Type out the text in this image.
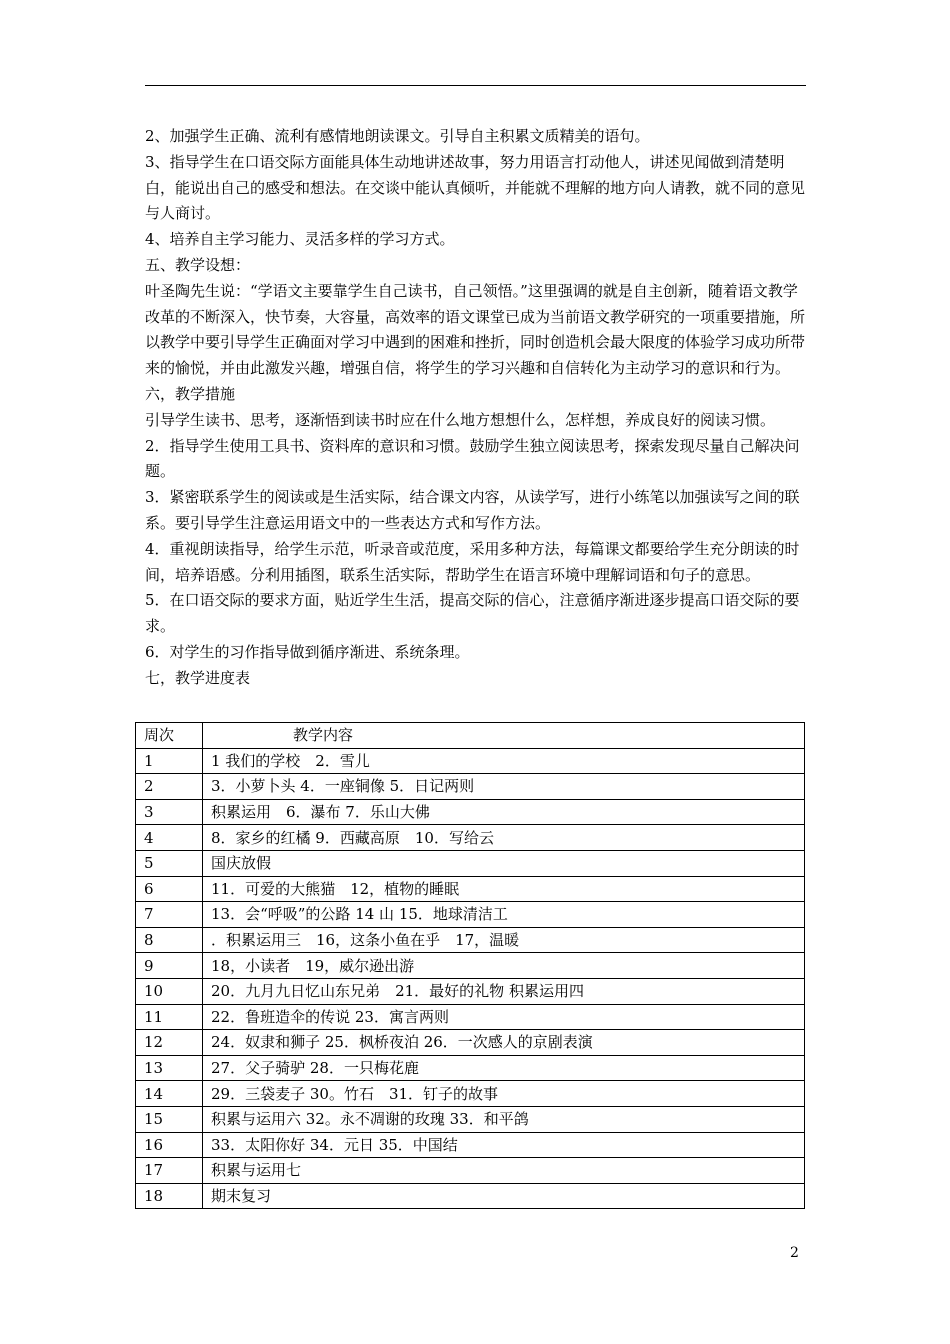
2、加强学生正确、流利有感情地朗读课文。引导自主积累文质精美的语句。

3、指导学生在口语交际方面能具体生动地讲述故事，努力用语言打动他人，讲述见闻做到清楚明白，能说出自己的感受和想法。在交谈中能认真倾听，并能就不理解的地方向人请教，就不同的意见与人商讨。

4、培养自主学习能力、灵活多样的学习方式。

五、教学设想：

叶圣陶先生说：“学语文主要靠学生自己读书，自己领悟。”这里强调的就是自主创新，随着语文教学改革的不断深入，快节奏，大容量，高效率的语文课堂已成为当前语文教学研究的一项重要措施，所以教学中要引导学生正确面对学习中遇到的困难和挫折，同时创造机会最大限度的体验学习成功所带来的愉悦，并由此激发兴趣，增强自信，将学生的学习兴趣和自信转化为主动学习的意识和行为。

六，教学措施

引导学生读书、思考，逐渐悟到读书时应在什么地方想想什么，怎样想，养成良好的阅读习惯。

2．指导学生使用工具书、资料库的意识和习惯。鼓励学生独立阅读思考，探索发现尽量自己解决问题。

3．紧密联系学生的阅读或是生活实际，结合课文内容，从读学写，进行小练笔以加强读写之间的联系。要引导学生注意运用语文中的一些表达方式和写作方法。

4．重视朗读指导，给学生示范，听录音或范度，采用多种方法，每篇课文都要给学生充分朗读的时间，培养语感。分利用插图，联系生活实际，帮助学生在语言环境中理解词语和句子的意思。

5．在口语交际的要求方面，贴近学生生活，提高交际的信心，注意循序渐进逐步提高口语交际的要求。

6．对学生的习作指导做到循序渐进、系统条理。

七，教学进度表

周次	教学内容
1	1 我们的学校　2．雪儿
2	3．小萝卜头 4．一座铜像 5．日记两则
3	积累运用　6．瀑布 7．乐山大佛
4	8．家乡的红橘 9．西藏高原　10．写给云
5	国庆放假
6	11．可爱的大熊猫　12，植物的睡眠
7	13．会“呼吸”的公路 14 山 15．地球清洁工
8	．积累运用三　16，这条小鱼在乎　17，温暖
9	18，小读者　19，威尔逊出游
10	20．九月九日忆山东兄弟　21．最好的礼物 积累运用四
11	22．鲁班造伞的传说 23．寓言两则
12	24．奴隶和狮子 25．枫桥夜泊 26．一次感人的京剧表演
13	27．父子骑驴 28．一只梅花鹿
14	29．三袋麦子 30。竹石　31．钉子的故事
15	积累与运用六 32。永不凋谢的玫瑰 33．和平鸽
16	33．太阳你好 34．元日 35．中国结
17	积累与运用七
18	期末复习
2
